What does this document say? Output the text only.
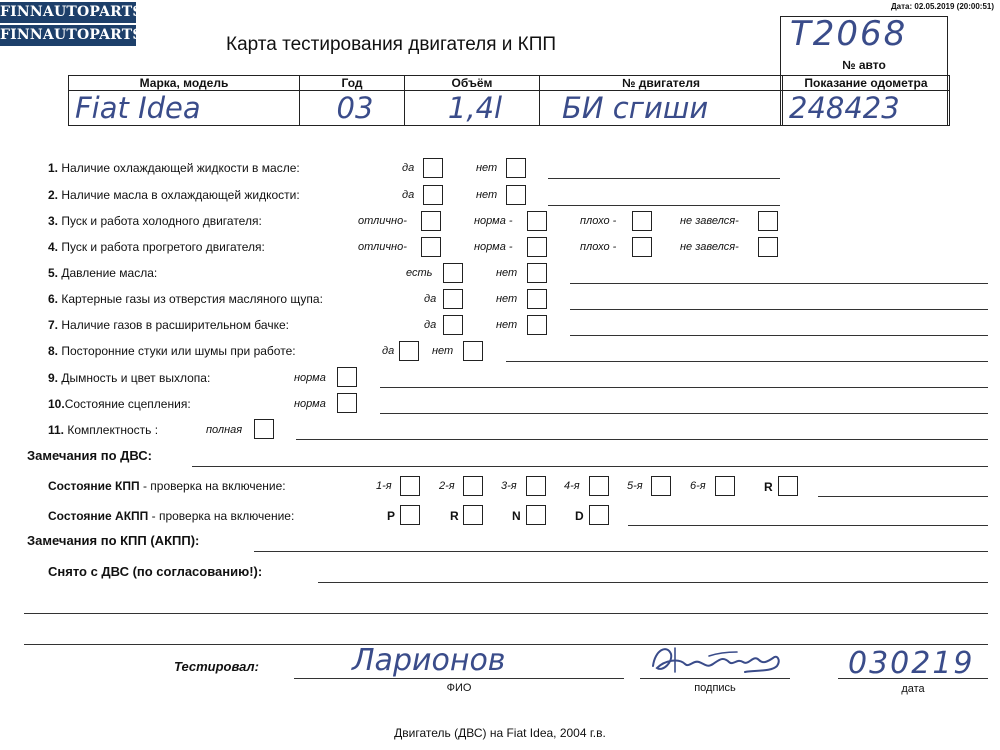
FINNAUTOPARTS
FINNAUTOPARTS
Дата: 02.05.2019 (20:00:51)
Карта тестирования двигателя и КПП	T2068
№ авто
Марка, модель	Год	Объём	№ двигателя	Показание одометра
Fiat Idea	03	1,4l	БИ сгиши	248423
1. Наличие охлаждающей жидкости в масле:	да	нет
2. Наличие масла в охлаждающей жидкости:	да	нет
3. Пуск и работа холодного двигателя:	отлично-	норма -	плохо -	не завелся-
4. Пуск и работа прогретого двигателя:	отлично-	норма -	плохо -	не завелся-
5. Давление масла:	есть	нет
6. Картерные газы из отверстия масляного щупа:	да	нет
7. Наличие газов в расширительном бачке:	да	нет
8. Посторонние стуки или шумы при работе:	да	нет
9. Дымность и цвет выхлопа:	норма
10.Состояние сцепления:	норма
11. Комплектность :	полная
Замечания по ДВС:
Состояние КПП - проверка на включение:	1-я	2-я	3-я	4-я	5-я	6-я	R
Состояние АКПП - проверка на включение:	P	R	N	D
Замечания по КПП (АКПП):
Снято с ДВС (по согласованию!):
Тестировал:	Ларионов
ФИО	подпись
030219
дата
Двигатель (ДВС) на Fiat Idea, 2004 г.в.
